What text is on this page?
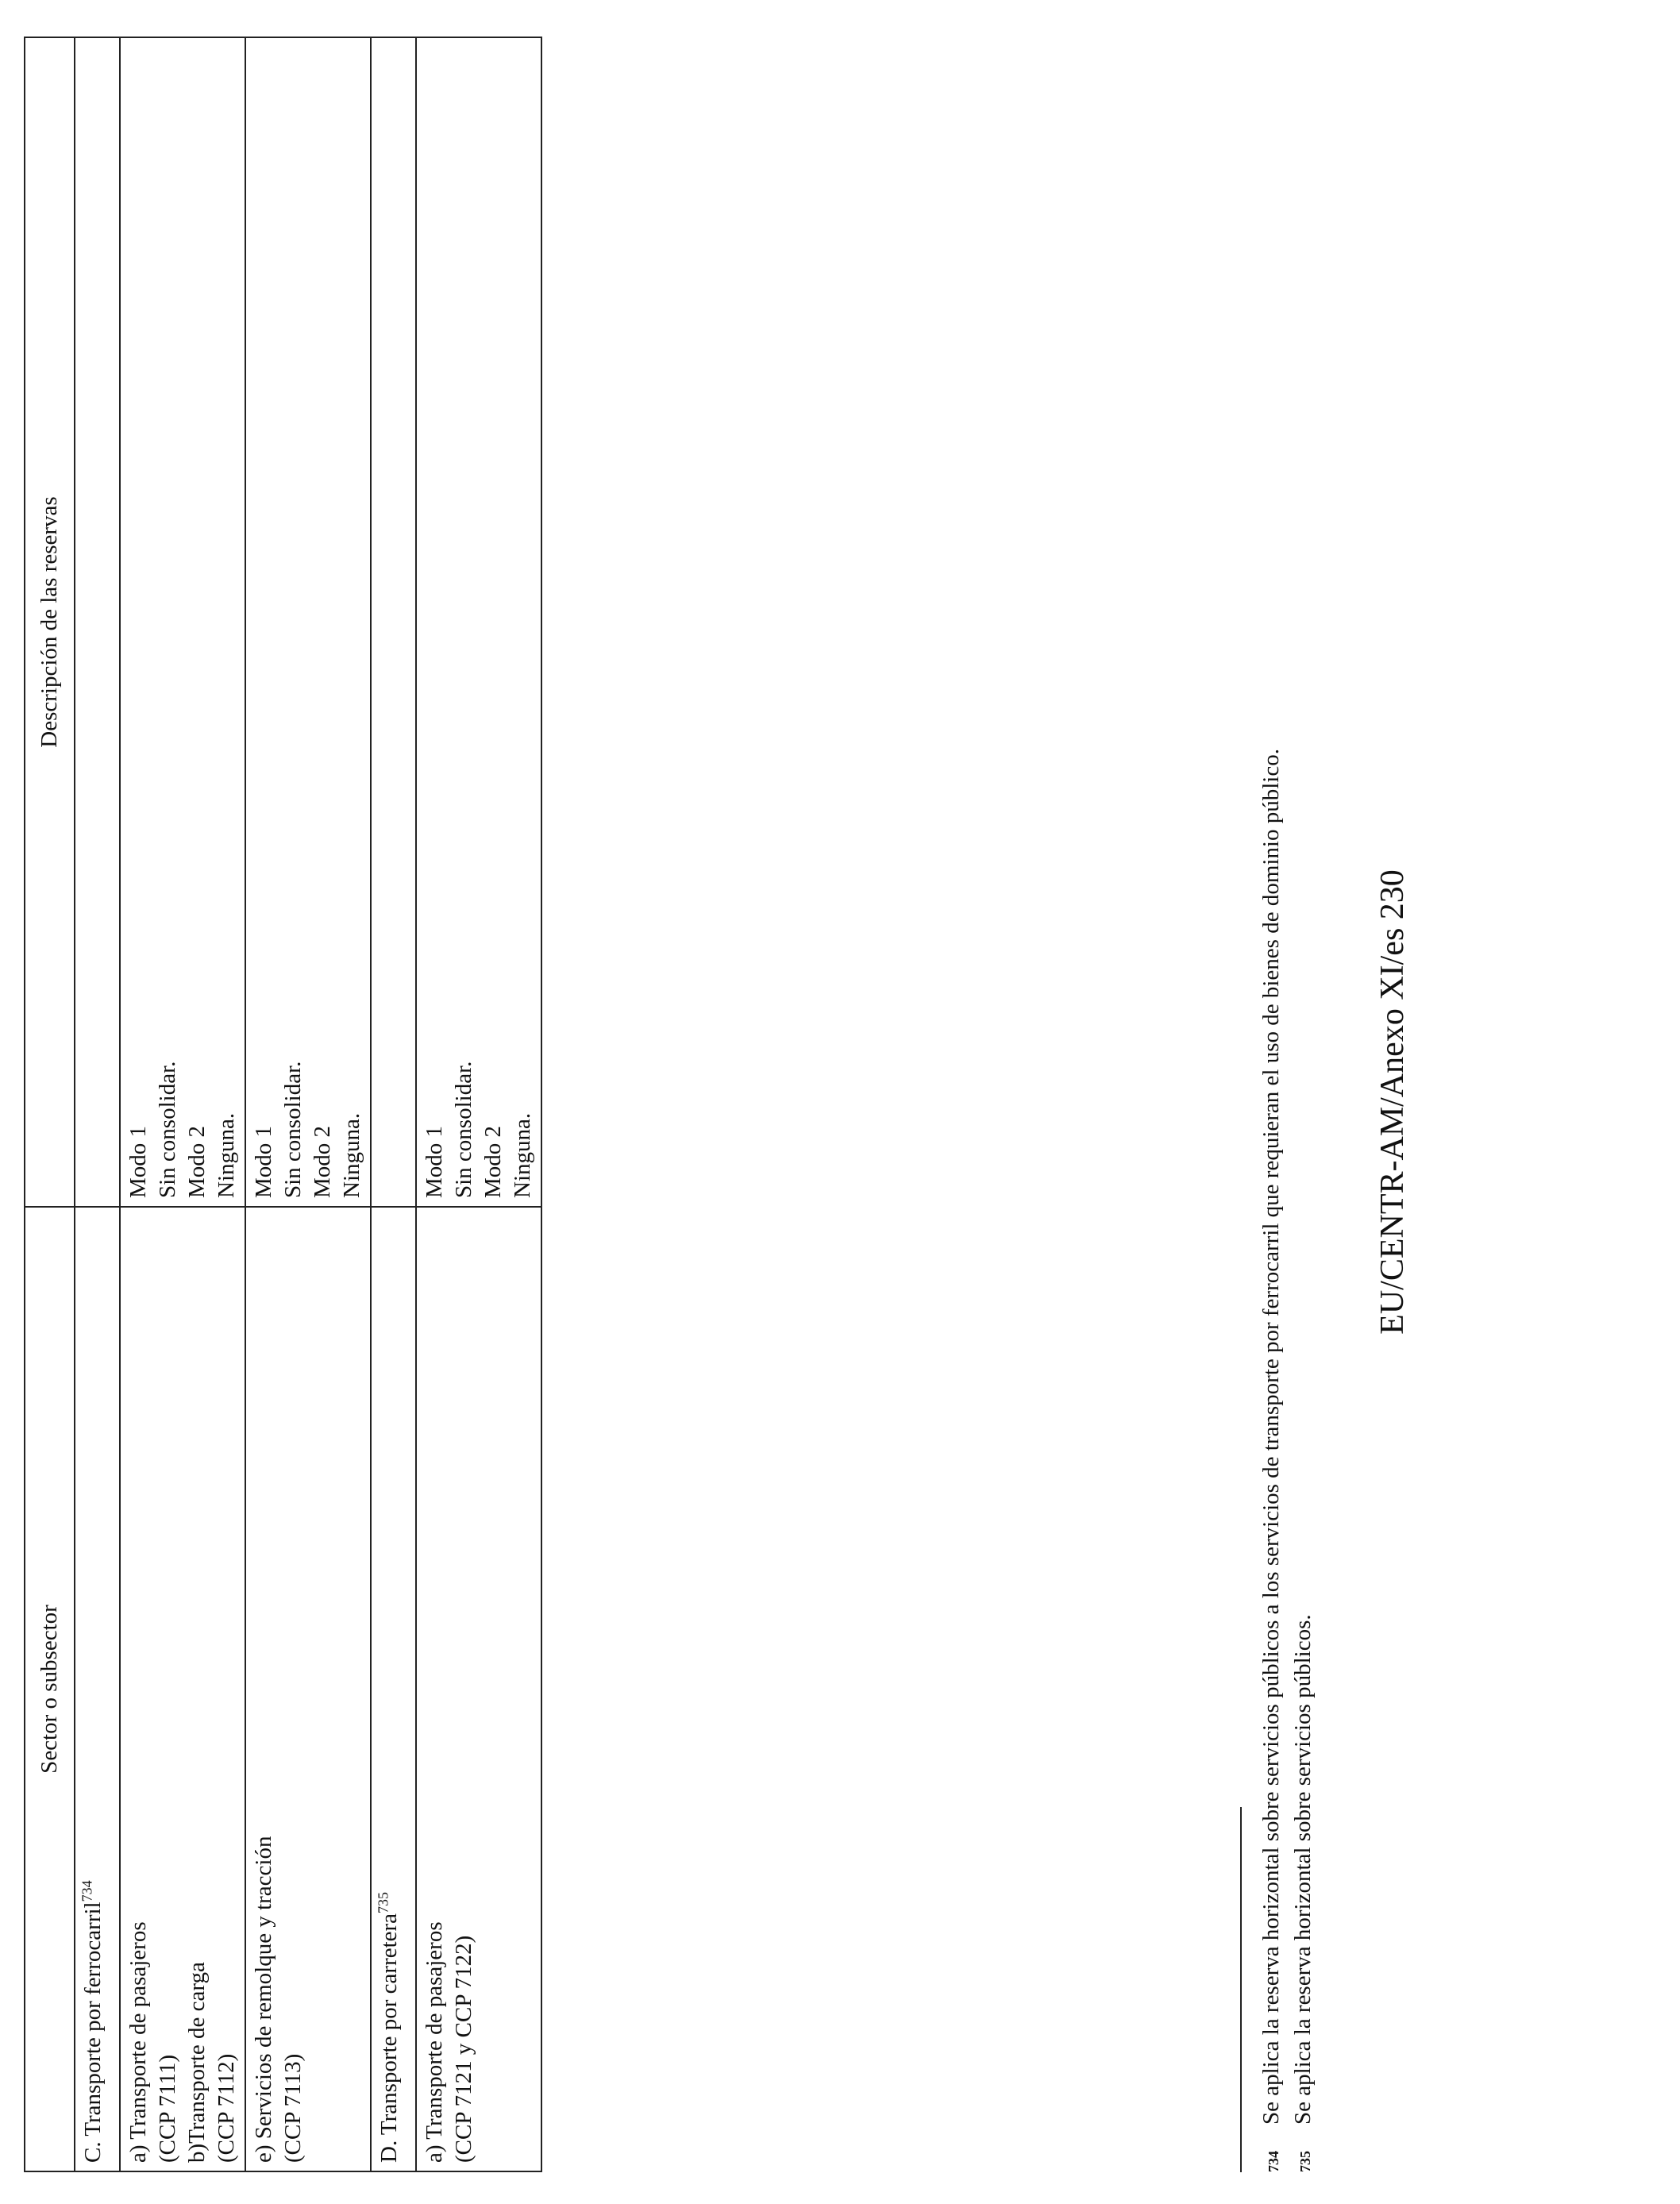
Sector o subsector	Descripción de las reservas
C. Transporte por ferrocarril$^{734}$	

a) Transporte de pasajeros (CCP 7111) b)Transporte de carga (CCP 7112)	Modo 1 Sin consolidar. Modo 2 Ninguna.

e) Servicios de remolque y tracción (CCP 7113)	Modo 1 Sin consolidar. Modo 2 Ninguna.

D. Transporte por carretera$^{735}$	

a) Transporte de pasajeros (CCP 7121 y CCP 7122)	Modo 1 Sin consolidar. Modo 2 Ninguna.
734
Se aplica la reserva horizontal sobre servicios públicos a los servicios de transporte por ferrocarril que requieran el uso de bienes de dominio público.
735
Se aplica la reserva horizontal sobre servicios públicos.
EU/CENTR-AM/Anexo XI/es 230
